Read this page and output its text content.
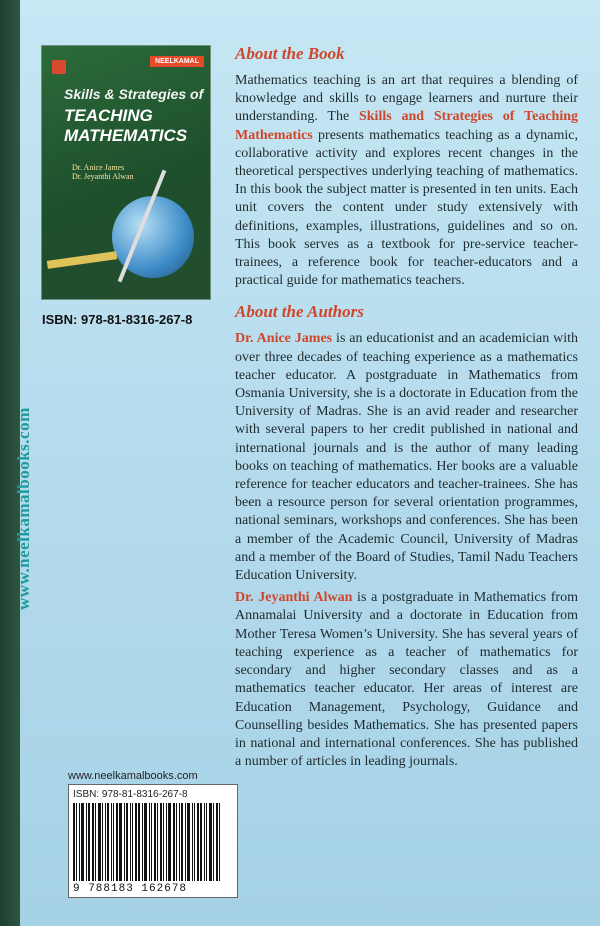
www.neelkamalbooks.com
NEELKAMAL
Skills & Strategies of
TEACHING
MATHEMATICS
Dr. Anice James
Dr. Jeyanthi Alwan
ISBN: 978-81-8316-267-8
About the Book

Mathematics teaching is an art that requires a blending of knowledge and skills to engage learners and nurture their understanding. The Skills and Strategies of Teaching Mathematics presents mathematics teaching as a dynamic, collaborative activity and explores recent changes in the theoretical perspectives underlying teaching of mathematics. In this book the subject matter is presented in ten units. Each unit covers the content under study extensively with definitions, examples, illustrations, guidelines and so on. This book serves as a textbook for pre-service teacher-trainees, a reference book for teacher-educators and a practical guide for mathematics teachers.

About the Authors

Dr. Anice James is an educationist and an academician with over three decades of teaching experience as a mathematics teacher educator. A postgraduate in Mathematics from Osmania University, she is a doctorate in Education from the University of Madras. She is an avid reader and researcher with several papers to her credit published in national and international journals and is the author of many leading books on teaching of mathematics. Her books are a valuable reference for teacher educators and teacher-trainees. She has been a resource person for several orientation programmes, national seminars, workshops and conferences. She has been a member of the Academic Council, University of Madras and a member of the Board of Studies, Tamil Nadu Teachers Education University.

Dr. Jeyanthi Alwan is a postgraduate in Mathematics from Annamalai University and a doctorate in Education from Mother Teresa Women’s University. She has several years of teaching experience as a teacher of mathematics for secondary and higher secondary classes and as a mathematics teacher educator. Her areas of interest are Education Management, Psychology, Guidance and Counselling besides Mathematics. She has presented papers in national and international conferences. She has published a number of articles in leading journals.

www.neelkamalbooks.com
ISBN: 978-81-8316-267-8
9 788183 162678
